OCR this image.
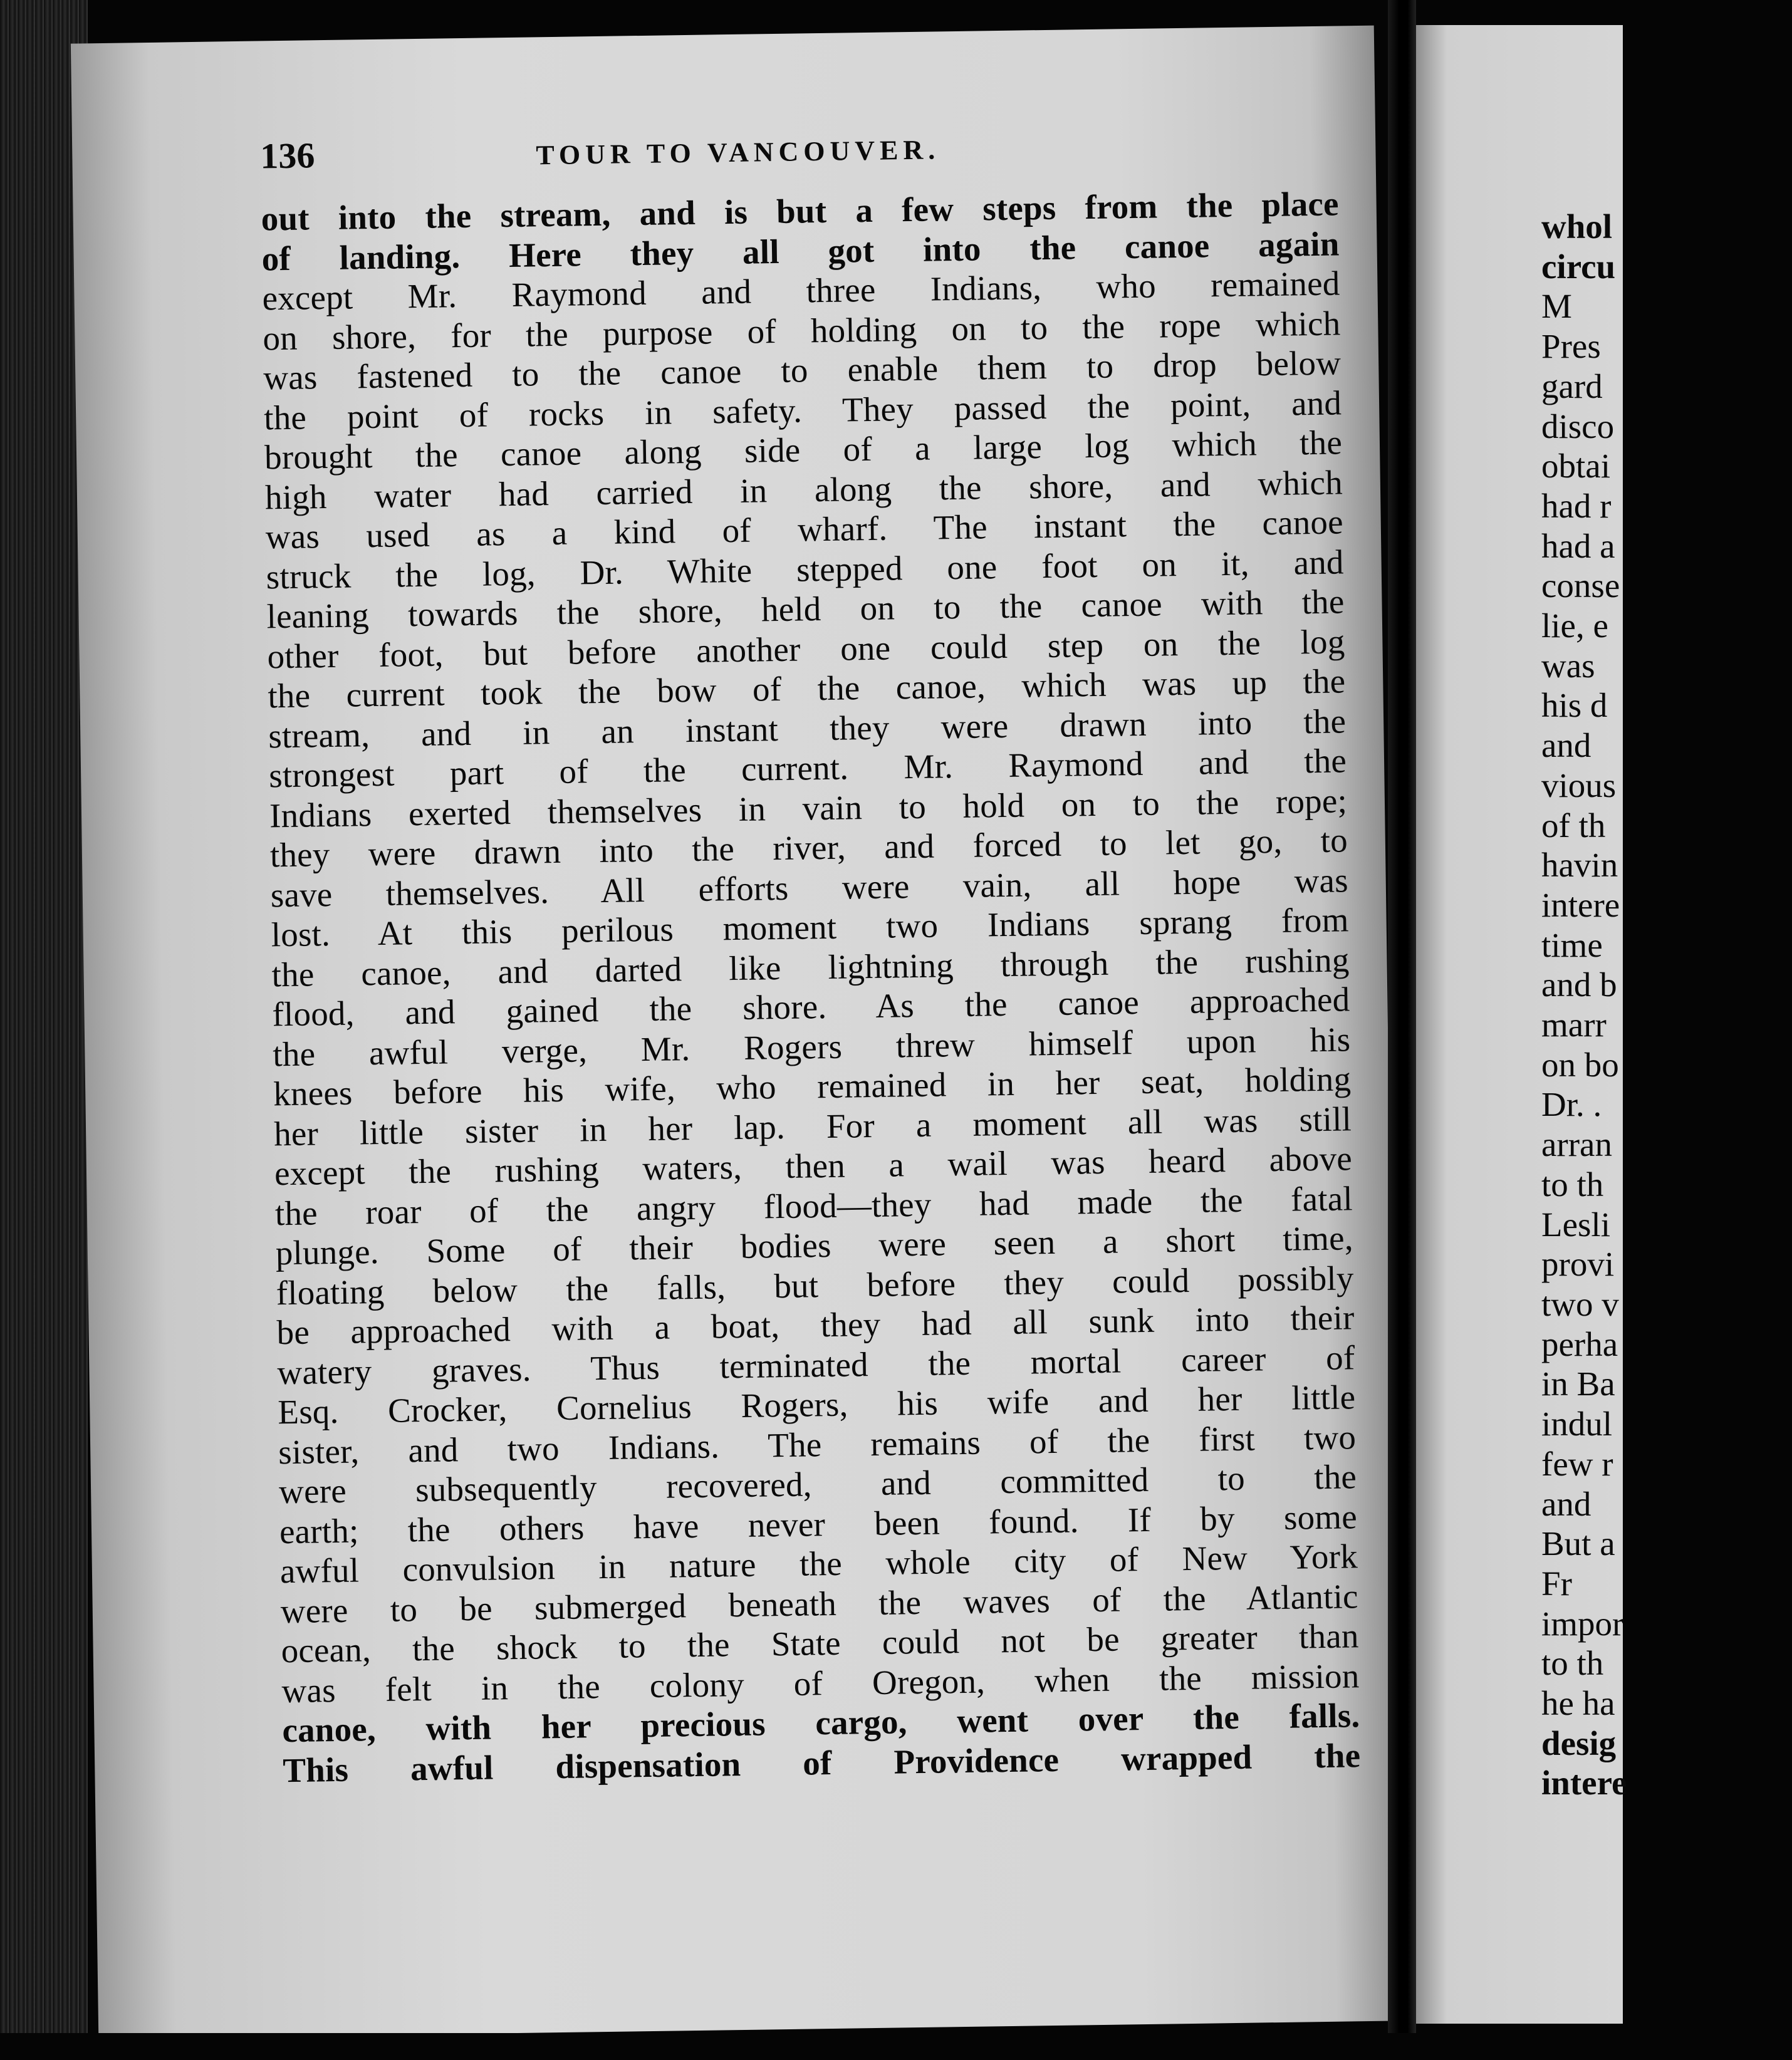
136	TOUR TO VANCOUVER.
out into the stream, and is but a few steps from the place
of landing. Here they all got into the canoe again
except Mr. Raymond and three Indians, who remained
on shore, for the purpose of holding on to the rope which
was fastened to the canoe to enable them to drop below
the point of rocks in safety. They passed the point, and
brought the canoe along side of a large log which the
high water had carried in along the shore, and which
was used as a kind of wharf. The instant the canoe
struck the log, Dr. White stepped one foot on it, and
leaning towards the shore, held on to the canoe with the
other foot, but before another one could step on the log
the current took the bow of the canoe, which was up the
stream, and in an instant they were drawn into the
strongest part of the current. Mr. Raymond and the
Indians exerted themselves in vain to hold on to the rope;
they were drawn into the river, and forced to let go, to
save themselves. All efforts were vain, all hope was
lost. At this perilous moment two Indians sprang from
the canoe, and darted like lightning through the rushing
flood, and gained the shore. As the canoe approached
the awful verge, Mr. Rogers threw himself upon his
knees before his wife, who remained in her seat, holding
her little sister in her lap. For a moment all was still
except the rushing waters, then a wail was heard above
the roar of the angry flood—they had made the fatal
plunge. Some of their bodies were seen a short time,
floating below the falls, but before they could possibly
be approached with a boat, they had all sunk into their
watery graves. Thus terminated the mortal career of
Esq. Crocker, Cornelius Rogers, his wife and her little
sister, and two Indians. The remains of the first two
were subsequently recovered, and committed to the
earth; the others have never been found. If by some
awful convulsion in nature the whole city of New York
were to be submerged beneath the waves of the Atlantic
ocean, the shock to the State could not be greater than
was felt in the colony of Oregon, when the mission
canoe, with her precious cargo, went over the falls.
This awful dispensation of Providence wrapped the
whol
circu
M
Pres
gard
disco
obtai
had r
had a
conse
lie, e
was
his d
and
vious
of th
havin
intere
time
and b
marr
on bo
Dr. .
arran
to th
Lesli
provi
two v
perha
in Ba
indul
few r
and
But a
Fr
impor
to th
he ha
desig
intere
